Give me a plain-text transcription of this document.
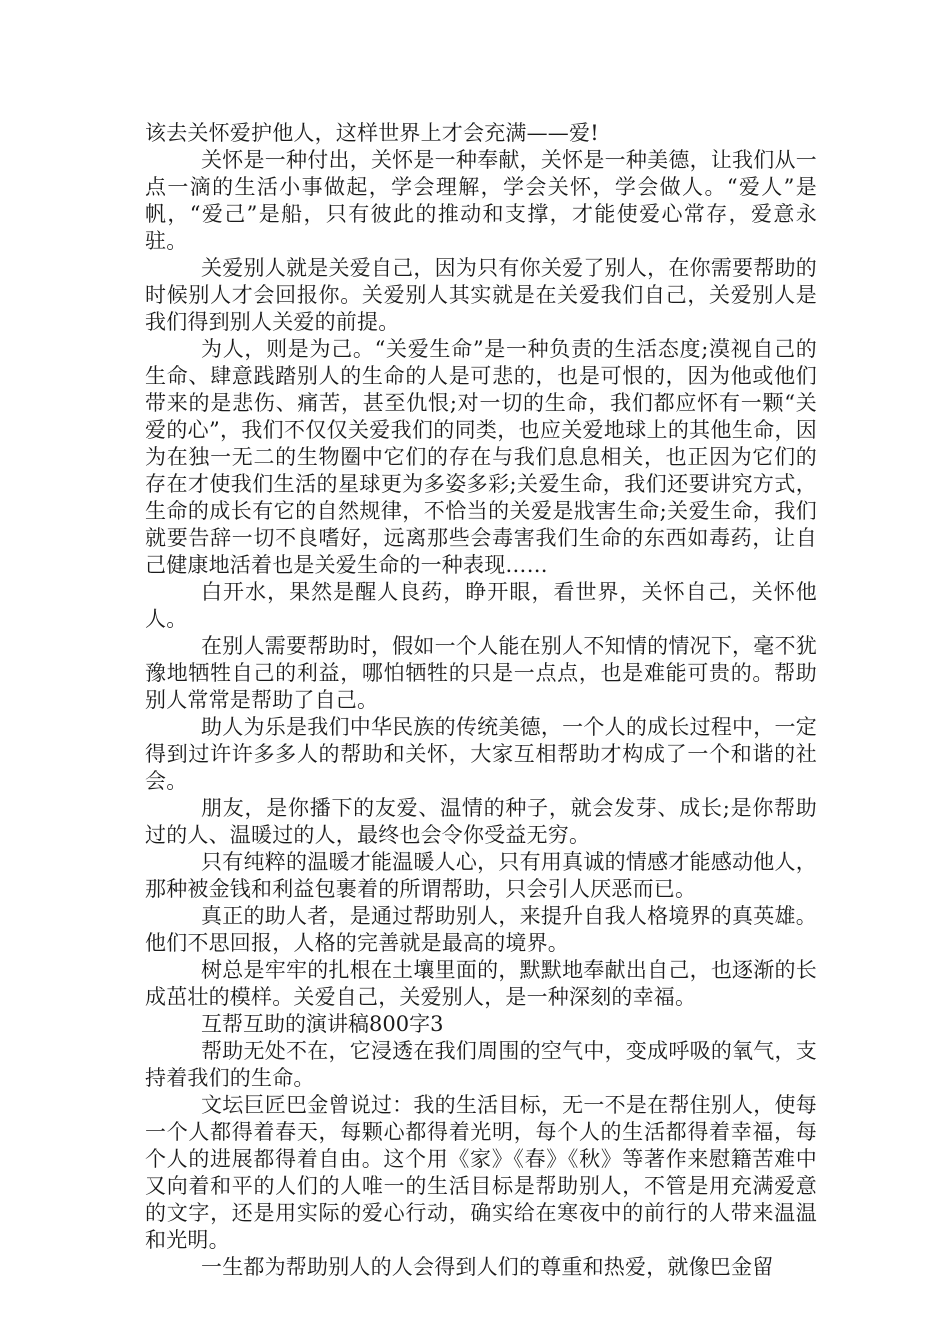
该去关怀爱护他人，这样世界上才会充满——爱!

关怀是一种付出，关怀是一种奉献，关怀是一种美德，让我们从一点一滴的生活小事做起，学会理解，学会关怀，学会做人。“爱人”是帆，“爱己”是船，只有彼此的推动和支撑，才能使爱心常存，爱意永驻。

关爱别人就是关爱自己，因为只有你关爱了别人，在你需要帮助的时候别人才会回报你。关爱别人其实就是在关爱我们自己，关爱别人是我们得到别人关爱的前提。

为人，则是为己。“关爱生命”是一种负责的生活态度;漠视自己的生命、肆意践踏别人的生命的人是可悲的，也是可恨的，因为他或他们带来的是悲伤、痛苦，甚至仇恨;对一切的生命，我们都应怀有一颗“关爱的心”，我们不仅仅关爱我们的同类，也应关爱地球上的其他生命，因为在独一无二的生物圈中它们的存在与我们息息相关，也正因为它们的存在才使我们生活的星球更为多姿多彩;关爱生命，我们还要讲究方式，生命的成长有它的自然规律，不恰当的关爱是戕害生命;关爱生命，我们就要告辞一切不良嗜好，远离那些会毒害我们生命的东西如毒药，让自己健康地活着也是关爱生命的一种表现……

白开水，果然是醒人良药，睁开眼，看世界，关怀自己，关怀他人。

在别人需要帮助时，假如一个人能在别人不知情的情况下，毫不犹豫地牺牲自己的利益，哪怕牺牲的只是一点点，也是难能可贵的。帮助别人常常是帮助了自己。

助人为乐是我们中华民族的传统美德，一个人的成长过程中，一定得到过许许多多人的帮助和关怀，大家互相帮助才构成了一个和谐的社会。

朋友，是你播下的友爱、温情的种子，就会发芽、成长;是你帮助过的人、温暖过的人，最终也会令你受益无穷。

只有纯粹的温暖才能温暖人心，只有用真诚的情感才能感动他人，那种被金钱和利益包裹着的所谓帮助，只会引人厌恶而已。

真正的助人者，是通过帮助别人，来提升自我人格境界的真英雄。他们不思回报，人格的完善就是最高的境界。

树总是牢牢的扎根在土壤里面的，默默地奉献出自己，也逐渐的长成茁壮的模样。关爱自己，关爱别人，是一种深刻的幸福。

互帮互助的演讲稿800字3

帮助无处不在，它浸透在我们周围的空气中，变成呼吸的氧气，支持着我们的生命。

文坛巨匠巴金曾说过：我的生活目标，无一不是在帮住别人，使每一个人都得着春天，每颗心都得着光明，每个人的生活都得着幸福，每个人的进展都得着自由。这个用《家》《春》《秋》等著作来慰籍苦难中又向着和平的人们的人唯一的生活目标是帮助别人，不管是用充满爱意的文字，还是用实际的爱心行动，确实给在寒夜中的前行的人带来温温和光明。

一生都为帮助别人的人会得到人们的尊重和热爱，就像巴金留
